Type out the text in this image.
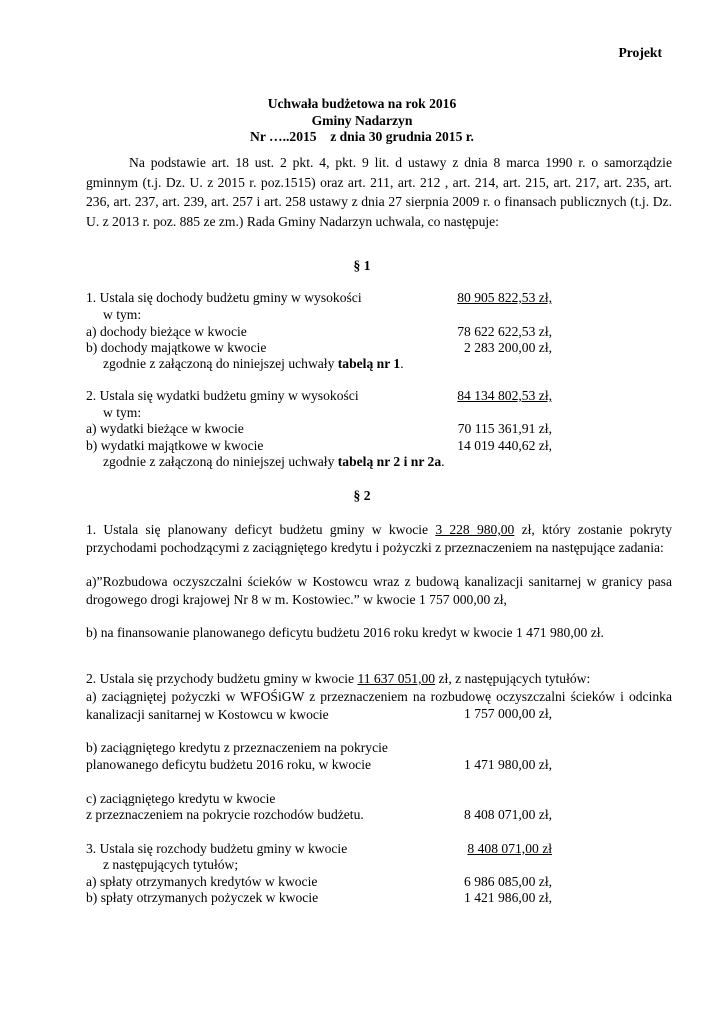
Projekt
Uchwała budżetowa na rok 2016
Gminy Nadarzyn
Nr …..2015    z dnia 30 grudnia 2015 r.
Na podstawie art. 18 ust. 2 pkt. 4, pkt. 9 lit. d ustawy z dnia 8 marca 1990 r. o samorządzie gminnym (t.j. Dz. U. z 2015 r. poz.1515) oraz art. 211, art. 212 , art. 214, art. 215, art. 217, art. 235, art. 236, art. 237, art. 239, art. 257 i art. 258 ustawy z dnia 27 sierpnia 2009 r. o finansach publicznych (t.j. Dz. U. z 2013 r. poz. 885 ze zm.) Rada Gminy Nadarzyn uchwala, co następuje:
§ 1
1. Ustala się dochody budżetu gminy w wysokości	80 905 822,53 zł,
w tym:
a) dochody bieżące w kwocie	78 622 622,53 zł,
b) dochody majątkowe w kwocie	2 283 200,00 zł,
zgodnie z załączoną do niniejszej uchwały tabelą nr 1.
2. Ustala się wydatki budżetu gminy w wysokości	84 134 802,53 zł,
w tym:
a) wydatki bieżące w kwocie	70 115 361,91 zł,
b) wydatki majątkowe w kwocie	14 019 440,62 zł,
zgodnie z załączoną do niniejszej uchwały tabelą nr 2 i nr 2a.
§ 2
1. Ustala się planowany deficyt budżetu gminy w kwocie 3 228 980,00 zł, który zostanie pokryty przychodami pochodzącymi z zaciągniętego kredytu i pożyczki z przeznaczeniem na następujące zadania:
a)”Rozbudowa oczyszczalni ścieków w Kostowcu wraz z budową kanalizacji sanitarnej w granicy pasa drogowego drogi krajowej Nr 8 w m. Kostowiec.” w kwocie 1 757 000,00 zł,
b) na finansowanie planowanego deficytu budżetu 2016 roku kredyt w kwocie 1 471 980,00 zł.
2. Ustala się przychody budżetu gminy w kwocie 11 637 051,00 zł, z następujących tytułów:
a) zaciągniętej pożyczki w WFOŚiGW z przeznaczeniem na rozbudowę oczyszczalni ścieków i odcinka kanalizacji sanitarnej w Kostowcu w kwocie	1 757 000,00 zł,
b) zaciągniętego kredytu z przeznaczeniem na pokrycie
planowanego deficytu budżetu 2016 roku, w kwocie	1 471 980,00 zł,
c) zaciągniętego kredytu w kwocie
z przeznaczeniem na pokrycie rozchodów budżetu.	8 408 071,00 zł,
3. Ustala się rozchody budżetu gminy w kwocie	8 408 071,00 zł
z następujących tytułów;
a) spłaty otrzymanych kredytów w kwocie	6 986 085,00 zł,
b) spłaty otrzymanych pożyczek w kwocie	1 421 986,00 zł,
